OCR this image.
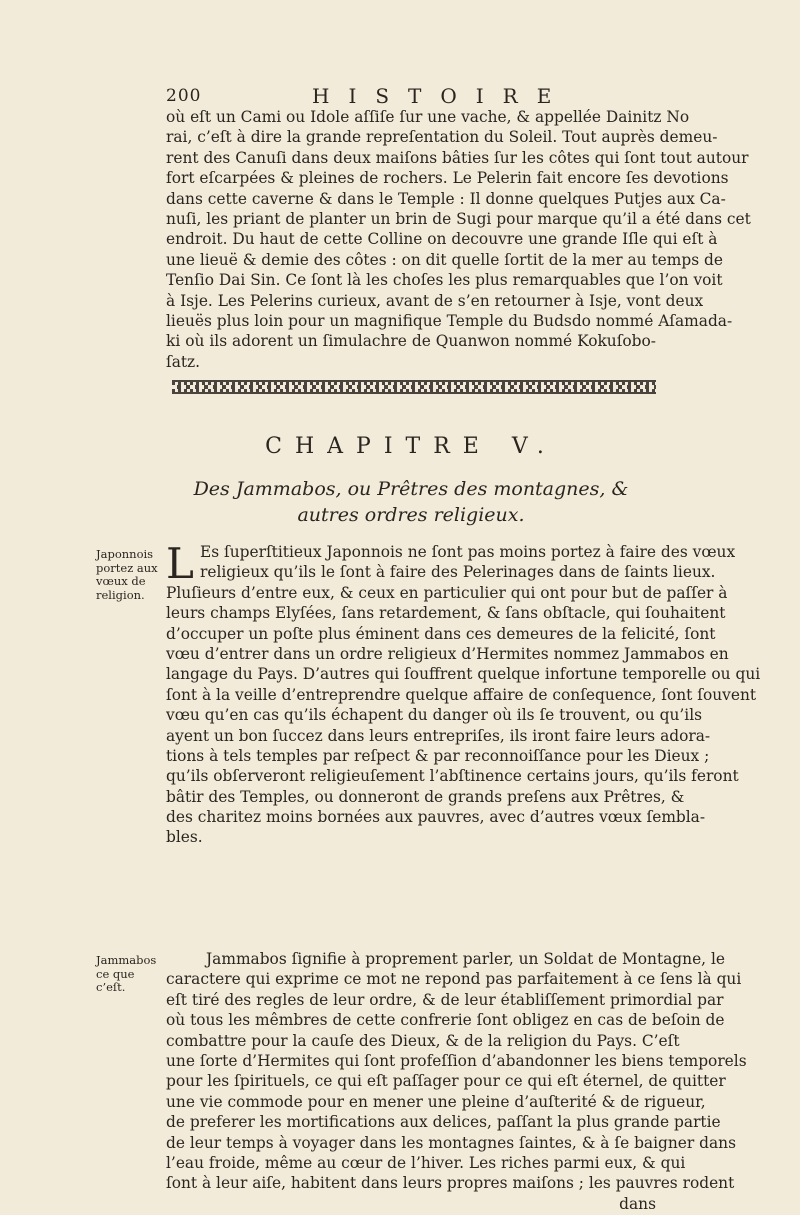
200	HISTOIRE
où eſt un Cami ou Idole aſſiſe ſur une vache, & appellée Dainitz No
rai, c’eſt à dire la grande repreſentation du Soleil. Tout auprès demeu-
rent des Canuſi dans deux maiſons bâties ſur les côtes qui ſont tout autour
fort eſcarpées & pleines de rochers. Le Pelerin fait encore ſes devotions
dans cette caverne & dans le Temple : Il donne quelques Putjes aux Ca-
nuſi, les priant de planter un brin de Sugi pour marque qu’il a été dans cet
endroit. Du haut de cette Colline on decouvre une grande Iſle qui eſt à
une lieuë & demie des côtes : on dit quelle ſortit de la mer au temps de
Tenſio Dai Sin. Ce ſont là les choſes les plus remarquables que l’on voit
à Isje. Les Pelerins curieux, avant de s’en retourner à Isje, vont deux
lieuës plus loin pour un magnifique Temple du Budsdo nommé Aſamada-
ki où ils adorent un ſimulachre de Quanwon nommé Kokuſobo-
ſatz.
CHAPITRE V.
Des Jammabos, ou Prêtres des montagnes, &
autres ordres religieux.
Japonnois
portez aux
vœux de
religion.
L Es ſuperſtitieux Japonnois ne ſont pas moins portez à faire des vœux
religieux qu’ils le ſont à faire des Pelerinages dans de ſaints lieux.
Pluſieurs d’entre eux, & ceux en particulier qui ont pour but de paſſer à
leurs champs Elyſées, ſans retardement, & ſans obſtacle, qui ſouhaitent
d’occuper un poſte plus éminent dans ces demeures de la felicité, ſont
vœu d’entrer dans un ordre religieux d’Hermites nommez Jammabos en
langage du Pays. D’autres qui ſouffrent quelque infortune temporelle ou qui
ſont à la veille d’entreprendre quelque affaire de conſequence, ſont ſouvent
vœu qu’en cas qu’ils échapent du danger où ils ſe trouvent, ou qu’ils
ayent un bon ſuccez dans leurs entrepriſes, ils iront faire leurs adora-
tions à tels temples par reſpect & par reconnoiſſance pour les Dieux ;
qu’ils obſerveront religieuſement l’abſtinence certains jours, qu’ils feront
bâtir des Temples, ou donneront de grands preſens aux Prêtres, &
des charitez moins bornées aux pauvres, avec d’autres vœux ſembla-
bles.
Jammabos
ce que
c’eſt.
Jammabos ſignifie à proprement parler, un Soldat de Montagne, le
caractere qui exprime ce mot ne repond pas parfaitement à ce ſens là qui
eſt tiré des regles de leur ordre, & de leur établiſſement primordial par
où tous les mêmbres de cette confrerie ſont obligez en cas de beſoin de
combattre pour la cauſe des Dieux, & de la religion du Pays. C’eſt
une ſorte d’Hermites qui ſont profeſſion d’abandonner les biens temporels
pour les ſpirituels, ce qui eſt paſſager pour ce qui eſt éternel, de quitter
une vie commode pour en mener une pleine d’auſterité & de rigueur,
de preferer les mortifications aux delices, paſſant la plus grande partie
de leur temps à voyager dans les montagnes ſaintes, & à ſe baigner dans
l’eau froide, même au cœur de l’hiver. Les riches parmi eux, & qui
ſont à leur aiſe, habitent dans leurs propres maiſons ; les pauvres rodent
dans
